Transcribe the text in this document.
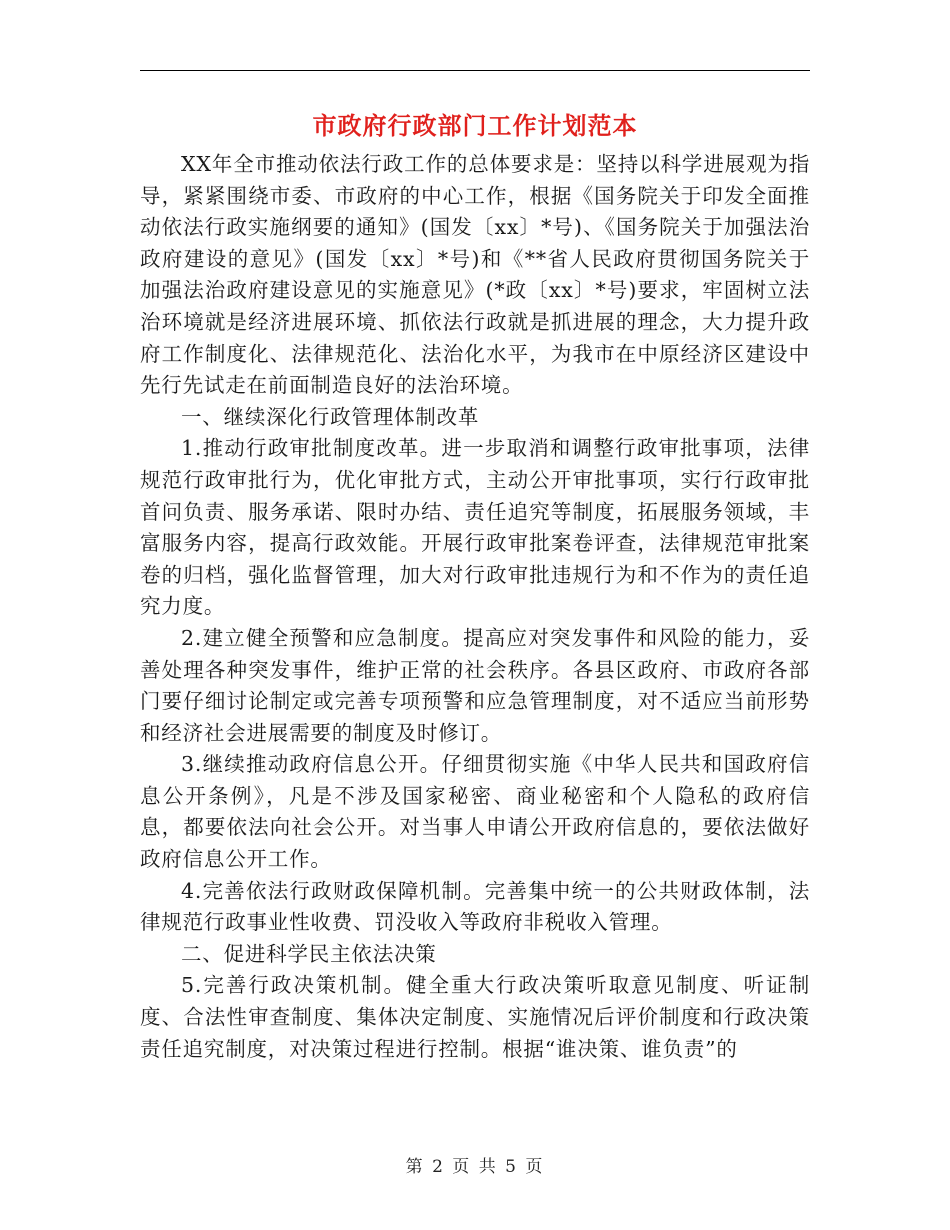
市政府行政部门工作计划范本

XX年全市推动依法行政工作的总体要求是：坚持以科学进展观为指导，紧紧围绕市委、市政府的中心工作，根据《国务院关于印发全面推动依法行政实施纲要的通知》(国发〔xx〕*号)、《国务院关于加强法治政府建设的意见》(国发〔xx〕*号)和《**省人民政府贯彻国务院关于加强法治政府建设意见的实施意见》(*政〔xx〕*号)要求，牢固树立法治环境就是经济进展环境、抓依法行政就是抓进展的理念，大力提升政府工作制度化、法律规范化、法治化水平，为我市在中原经济区建设中先行先试走在前面制造良好的法治环境。

一、继续深化行政管理体制改革

1.推动行政审批制度改革。进一步取消和调整行政审批事项，法律规范行政审批行为，优化审批方式，主动公开审批事项，实行行政审批首问负责、服务承诺、限时办结、责任追究等制度，拓展服务领域，丰富服务内容，提高行政效能。开展行政审批案卷评查，法律规范审批案卷的归档，强化监督管理，加大对行政审批违规行为和不作为的责任追究力度。

2.建立健全预警和应急制度。提高应对突发事件和风险的能力，妥善处理各种突发事件，维护正常的社会秩序。各县区政府、市政府各部门要仔细讨论制定或完善专项预警和应急管理制度，对不适应当前形势和经济社会进展需要的制度及时修订。

3.继续推动政府信息公开。仔细贯彻实施《中华人民共和国政府信息公开条例》，凡是不涉及国家秘密、商业秘密和个人隐私的政府信息，都要依法向社会公开。对当事人申请公开政府信息的，要依法做好政府信息公开工作。

4.完善依法行政财政保障机制。完善集中统一的公共财政体制，法律规范行政事业性收费、罚没收入等政府非税收入管理。

二、促进科学民主依法决策

5.完善行政决策机制。健全重大行政决策听取意见制度、听证制度、合法性审查制度、集体决定制度、实施情况后评价制度和行政决策责任追究制度，对决策过程进行控制。根据“谁决策、谁负责”的

第 2 页 共 5 页
